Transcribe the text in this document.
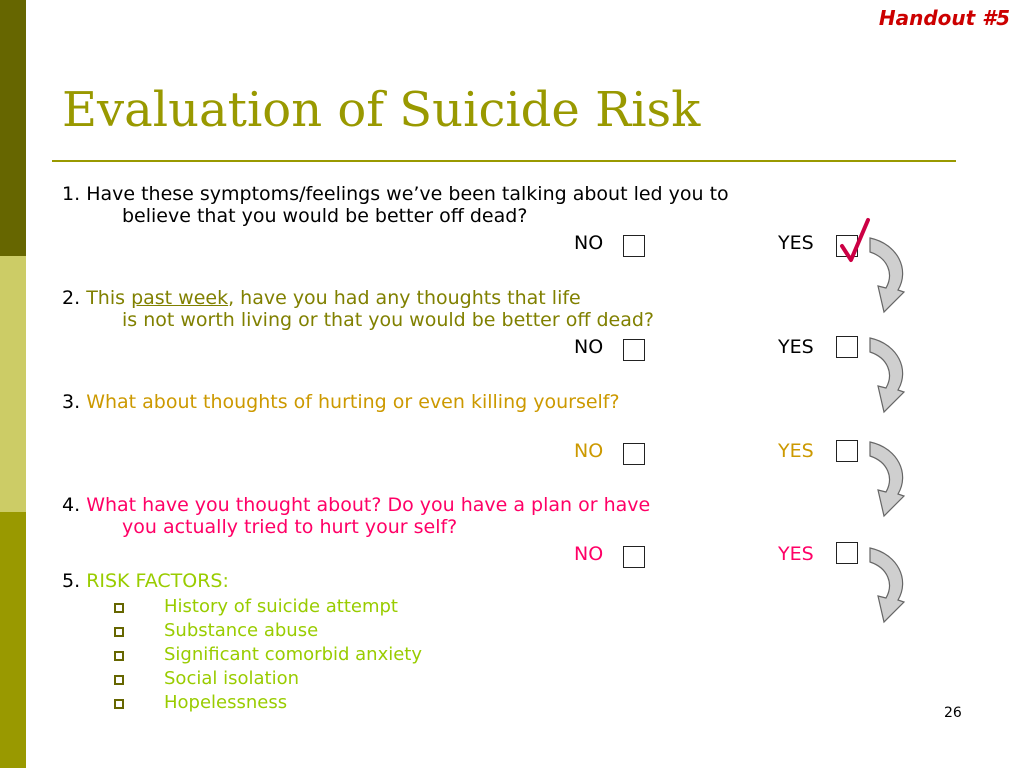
Handout #5
Evaluation of Suicide Risk
1. Have these symptoms/feelings we’ve been talking about led you to
believe that you would be better off dead?
NO	YES
2. This past week, have you had any thoughts that life
is not worth living or that you would be better off dead?
NO	YES
3. What about thoughts of hurting or even killing yourself?
NO	YES
4. What have you thought about? Do you have a plan or have
you actually tried to hurt your self?
NO	YES
5. RISK FACTORS:
History of suicide attempt
Substance abuse
Significant comorbid anxiety
Social isolation
Hopelessness	26
